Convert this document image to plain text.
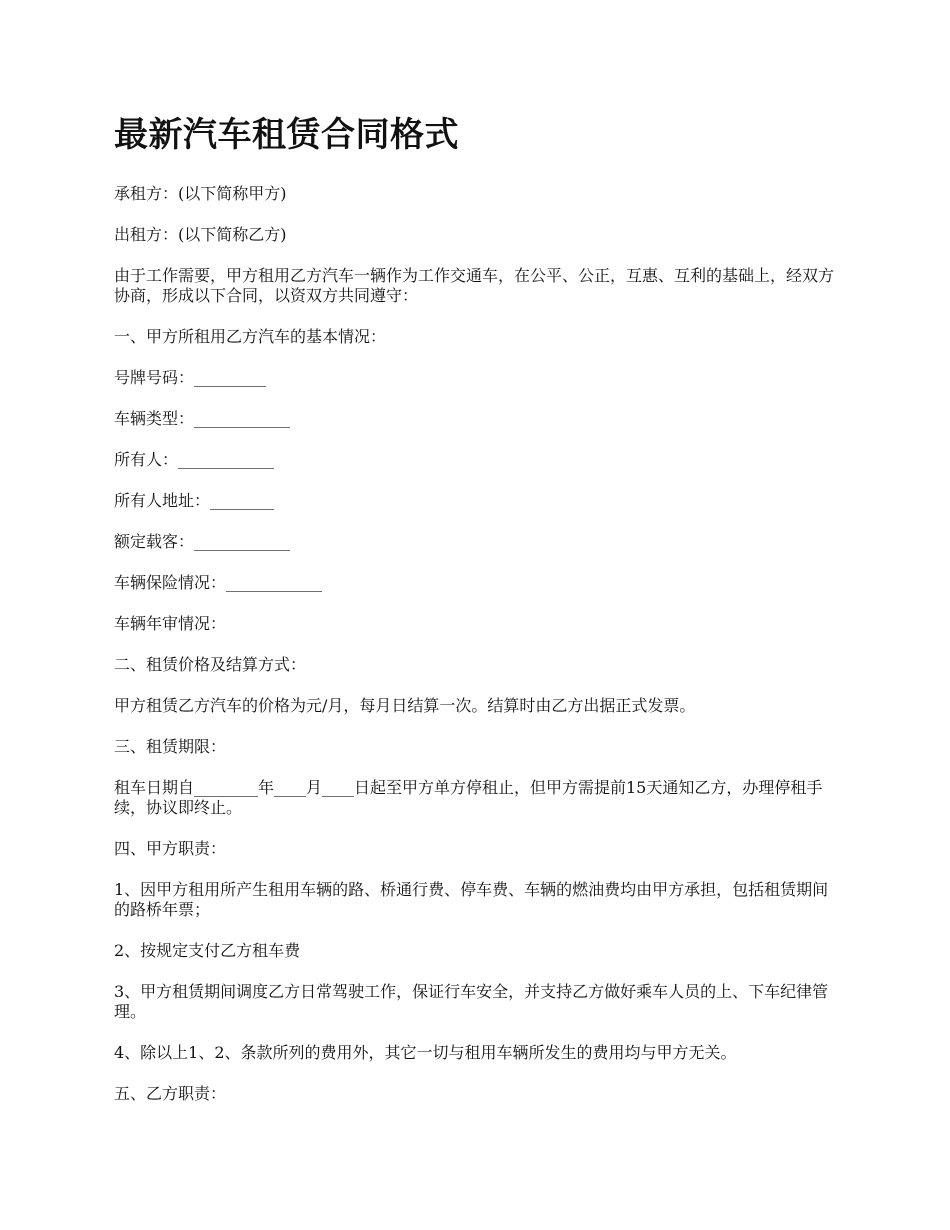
最新汽车租赁合同格式

承租方：(以下简称甲方)

出租方：(以下简称乙方)

由于工作需要，甲方租用乙方汽车一辆作为工作交通车，在公平、公正，互惠、互利的基础上，经双方协商，形成以下合同，以资双方共同遵守：

一、甲方所租用乙方汽车的基本情况：

号牌号码：_________

车辆类型：____________

所有人：____________

所有人地址：________

额定载客：____________

车辆保险情况：____________

车辆年审情况：

二、租赁价格及结算方式：

甲方租赁乙方汽车的价格为元/月，每月日结算一次。结算时由乙方出据正式发票。

三、租赁期限：

租车日期自________年____月____日起至甲方单方停租止，但甲方需提前15天通知乙方，办理停租手续，协议即终止。

四、甲方职责：

1、因甲方租用所产生租用车辆的路、桥通行费、停车费、车辆的燃油费均由甲方承担，包括租赁期间的路桥年票；

2、按规定支付乙方租车费

3、甲方租赁期间调度乙方日常驾驶工作，保证行车安全，并支持乙方做好乘车人员的上、下车纪律管理。

4、除以上1、2、条款所列的费用外，其它一切与租用车辆所发生的费用均与甲方无关。

五、乙方职责：
